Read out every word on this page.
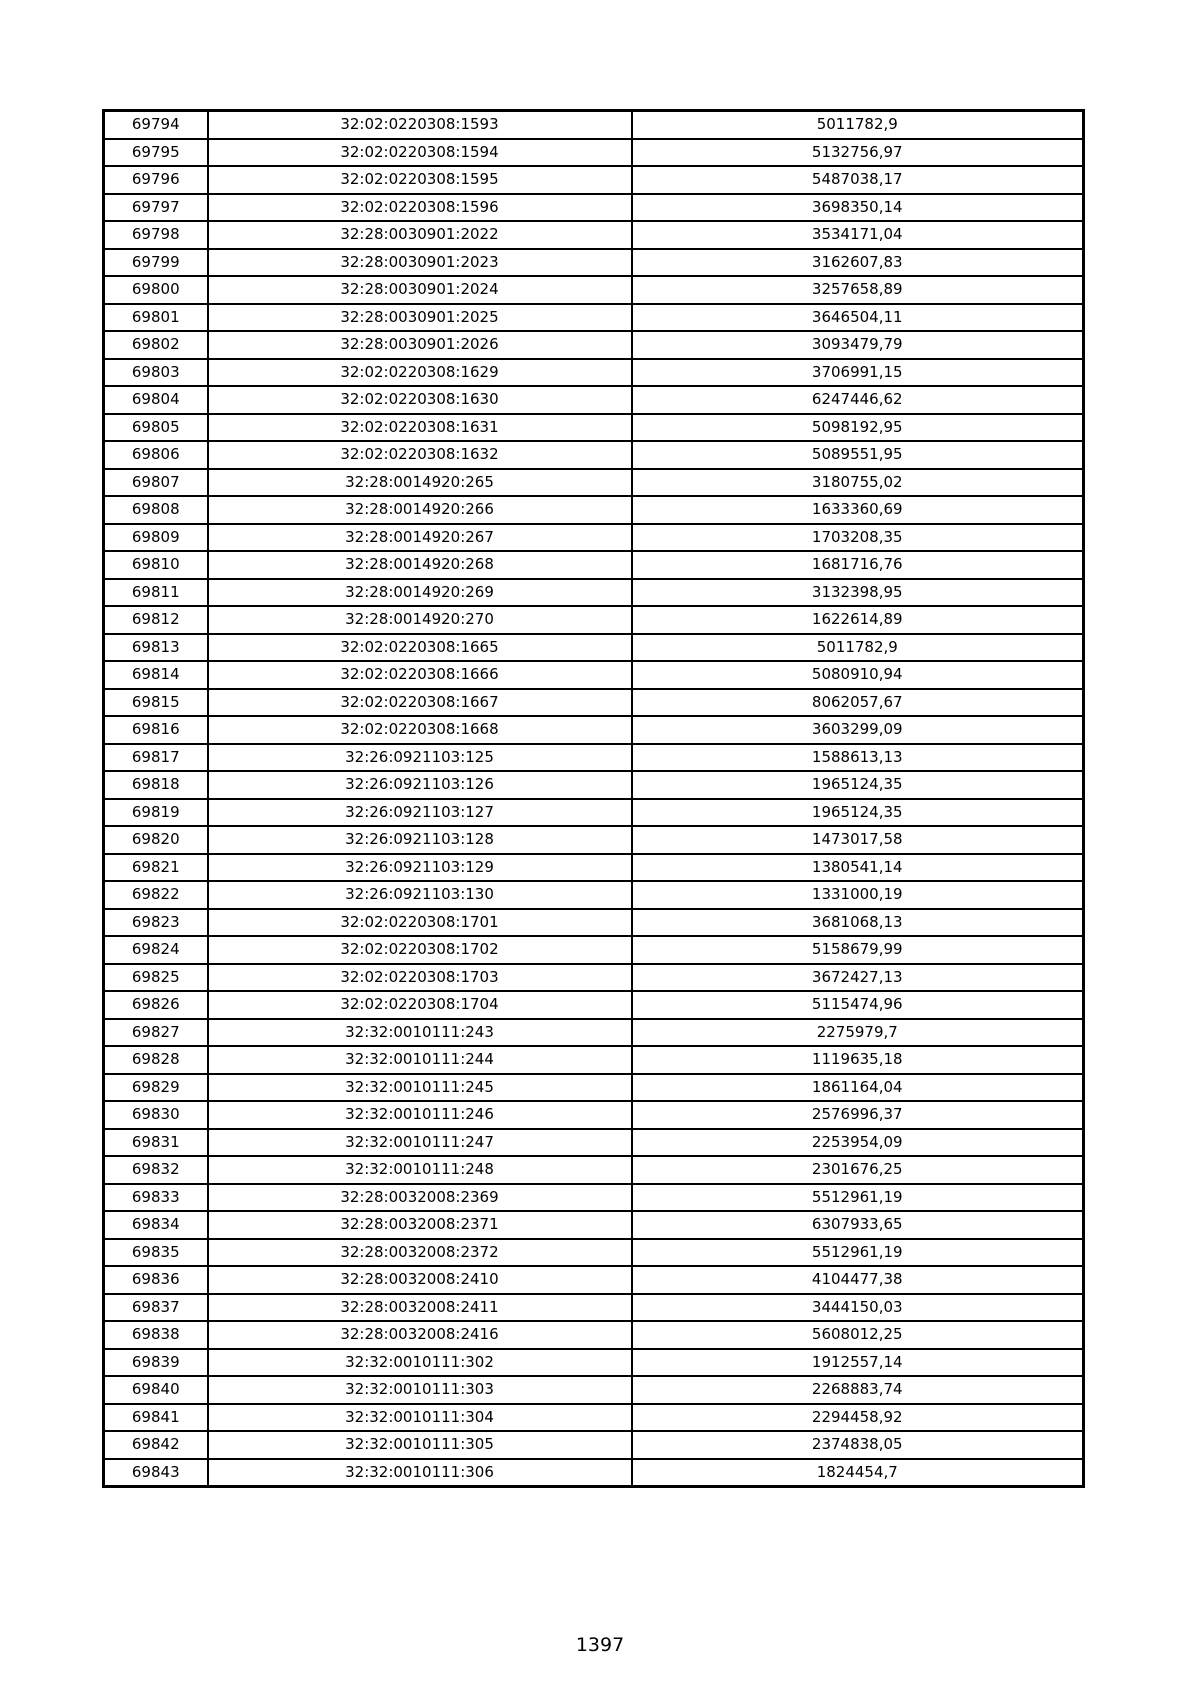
69794	32:02:0220308:1593	5011782,9
69795	32:02:0220308:1594	5132756,97
69796	32:02:0220308:1595	5487038,17
69797	32:02:0220308:1596	3698350,14
69798	32:28:0030901:2022	3534171,04
69799	32:28:0030901:2023	3162607,83
69800	32:28:0030901:2024	3257658,89
69801	32:28:0030901:2025	3646504,11
69802	32:28:0030901:2026	3093479,79
69803	32:02:0220308:1629	3706991,15
69804	32:02:0220308:1630	6247446,62
69805	32:02:0220308:1631	5098192,95
69806	32:02:0220308:1632	5089551,95
69807	32:28:0014920:265	3180755,02
69808	32:28:0014920:266	1633360,69
69809	32:28:0014920:267	1703208,35
69810	32:28:0014920:268	1681716,76
69811	32:28:0014920:269	3132398,95
69812	32:28:0014920:270	1622614,89
69813	32:02:0220308:1665	5011782,9
69814	32:02:0220308:1666	5080910,94
69815	32:02:0220308:1667	8062057,67
69816	32:02:0220308:1668	3603299,09
69817	32:26:0921103:125	1588613,13
69818	32:26:0921103:126	1965124,35
69819	32:26:0921103:127	1965124,35
69820	32:26:0921103:128	1473017,58
69821	32:26:0921103:129	1380541,14
69822	32:26:0921103:130	1331000,19
69823	32:02:0220308:1701	3681068,13
69824	32:02:0220308:1702	5158679,99
69825	32:02:0220308:1703	3672427,13
69826	32:02:0220308:1704	5115474,96
69827	32:32:0010111:243	2275979,7
69828	32:32:0010111:244	1119635,18
69829	32:32:0010111:245	1861164,04
69830	32:32:0010111:246	2576996,37
69831	32:32:0010111:247	2253954,09
69832	32:32:0010111:248	2301676,25
69833	32:28:0032008:2369	5512961,19
69834	32:28:0032008:2371	6307933,65
69835	32:28:0032008:2372	5512961,19
69836	32:28:0032008:2410	4104477,38
69837	32:28:0032008:2411	3444150,03
69838	32:28:0032008:2416	5608012,25
69839	32:32:0010111:302	1912557,14
69840	32:32:0010111:303	2268883,74
69841	32:32:0010111:304	2294458,92
69842	32:32:0010111:305	2374838,05
69843	32:32:0010111:306	1824454,7
1397
